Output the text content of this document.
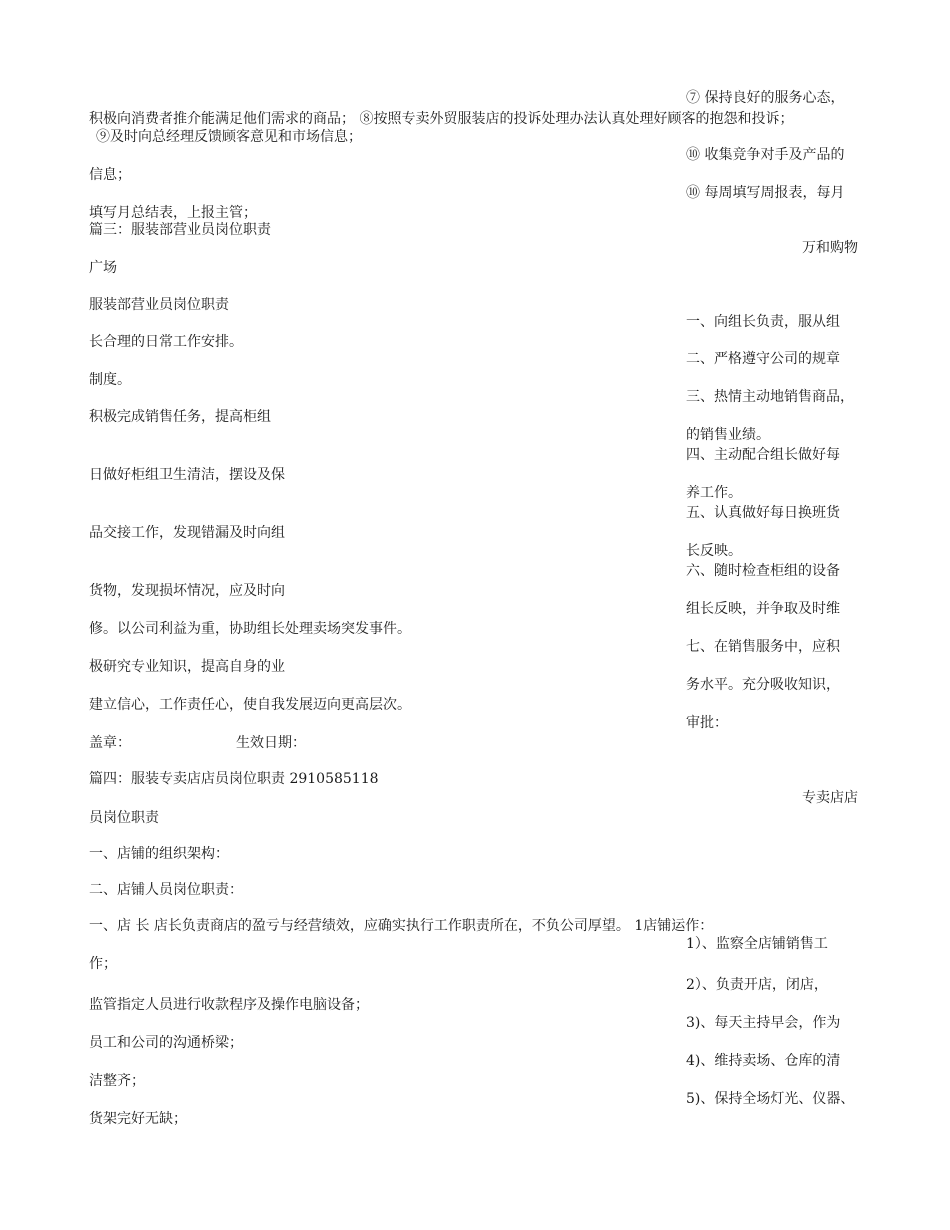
⑦ 保持良好的服务心态，
积极向消费者推介能满足他们需求的商品； ⑧按照专卖外贸服装店的投诉处理办法认真处理好顾客的抱怨和投诉；
⑨及时向总经理反馈顾客意见和市场信息；
⑩ 收集竞争对手及产品的
信息；
⑩ 每周填写周报表，每月
填写月总结表，上报主管；
篇三：服装部营业员岗位职责
万和购物
广场
服装部营业员岗位职责
一、向组长负责，服从组
长合理的日常工作安排。
二、严格遵守公司的规章
制度。
三、热情主动地销售商品，
积极完成销售任务，提高柜组
的销售业绩。
四、主动配合组长做好每
日做好柜组卫生清洁，摆设及保
养工作。
五、认真做好每日换班货
品交接工作，发现错漏及时向组
长反映。
六、随时检查柜组的设备
货物，发现损坏情况，应及时向
组长反映，并争取及时维
修。以公司利益为重，协助组长处理卖场突发事件。
七、在销售服务中，应积
极研究专业知识，提高自身的业
务水平。充分吸收知识，
建立信心，工作责任心，使自我发展迈向更高层次。
审批：
盖章：	生效日期：
篇四：服装专卖店店员岗位职责 2910585118
专卖店店
员岗位职责
一、店铺的组织架构：
二、店铺人员岗位职责：
一、店 长 店长负责商店的盈亏与经营绩效，应确实执行工作职责所在，不负公司厚望。 1店铺运作：
1）、监察全店铺销售工
作；
2）、负责开店，闭店，
监管指定人员进行收款程序及操作电脑设备；
3)、每天主持早会，作为
员工和公司的沟通桥梁；
4)、维持卖场、仓库的清
洁整齐；
5)、保持全场灯光、仪器、
货架完好无缺；
